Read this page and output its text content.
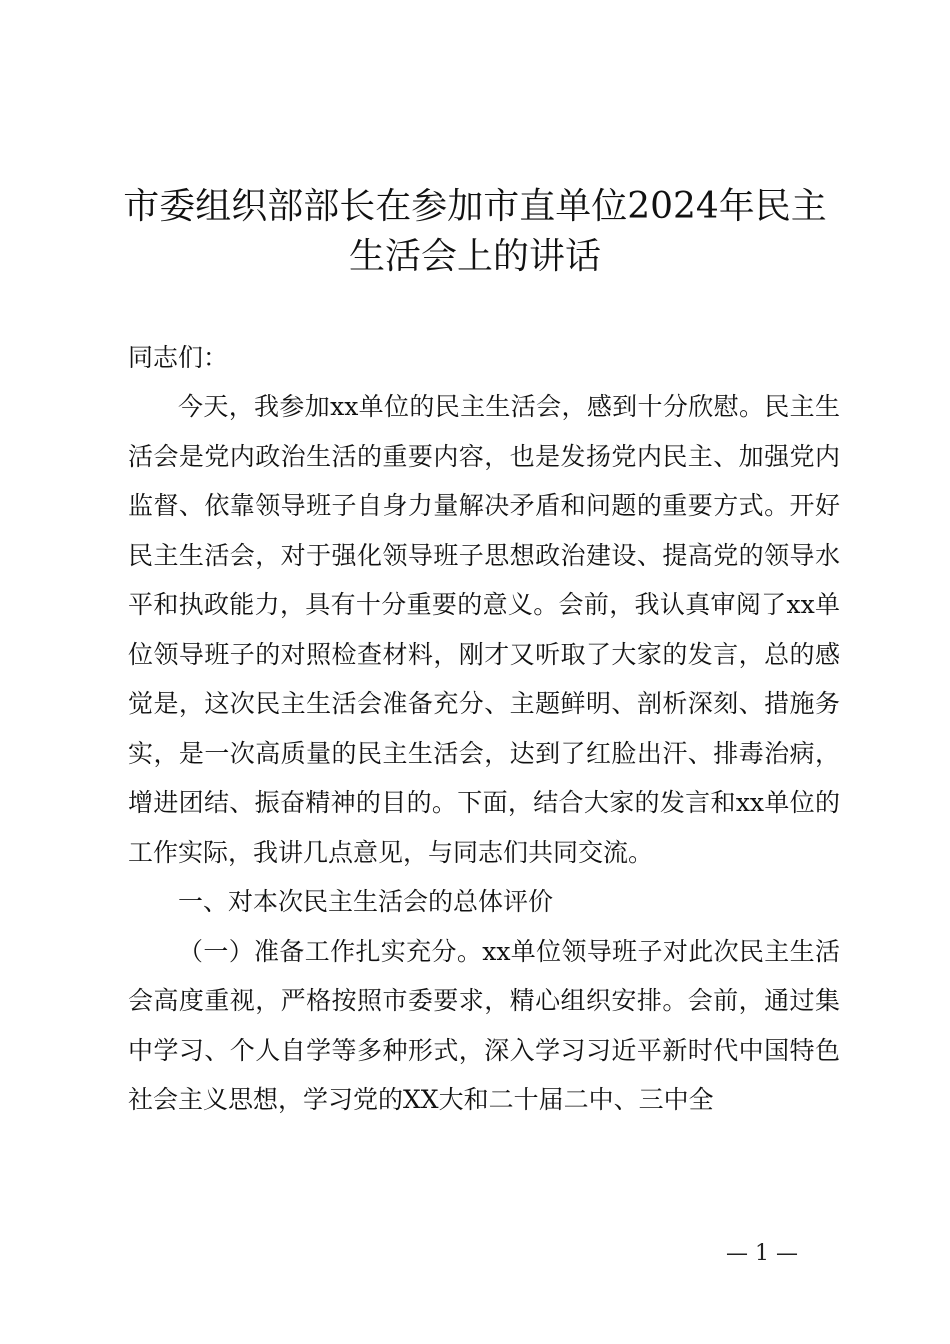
市委组织部部长在参加市直单位2024年民主
生活会上的讲话
同志们：

今天，我参加xx单位的民主生活会，感到十分欣慰。民主生活会是党内政治生活的重要内容，也是发扬党内民主、加强党内监督、依靠领导班子自身力量解决矛盾和问题的重要方式。开好民主生活会，对于强化领导班子思想政治建设、提高党的领导水平和执政能力，具有十分重要的意义。会前，我认真审阅了xx单位领导班子的对照检查材料，刚才又听取了大家的发言，总的感觉是，这次民主生活会准备充分、主题鲜明、剖析深刻、措施务实，是一次高质量的民主生活会，达到了红脸出汗、排毒治病，增进团结、振奋精神的目的。下面，结合大家的发言和xx单位的工作实际，我讲几点意见，与同志们共同交流。

一、对本次民主生活会的总体评价

（一）准备工作扎实充分。xx单位领导班子对此次民主生活会高度重视，严格按照市委要求，精心组织安排。会前，通过集中学习、个人自学等多种形式，深入学习习近平新时代中国特色社会主义思想，学习党的XX大和二十届二中、三中全

— 1 —
